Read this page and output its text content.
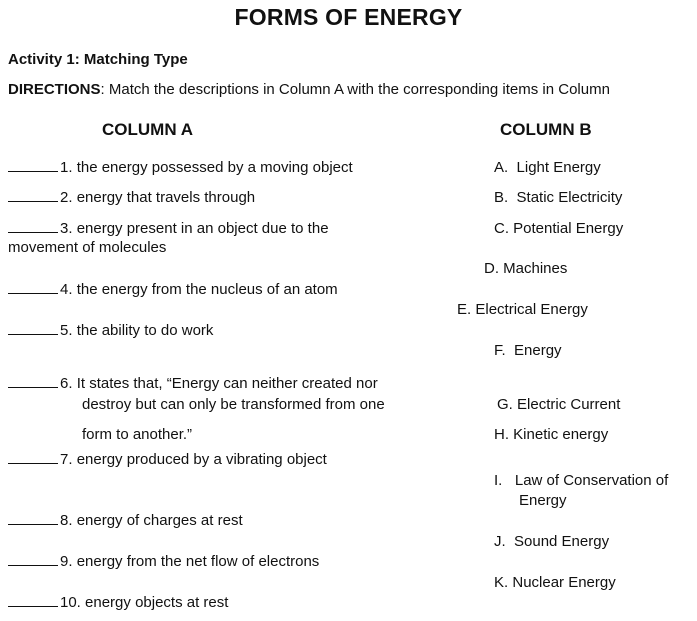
FORMS OF ENERGY
Activity 1: Matching Type
DIRECTIONS: Match the descriptions in Column A with the corresponding items in Column
COLUMN A	COLUMN B
1. the energy possessed by a moving object
2. energy that travels through
3. energy present in an object due to the
movement of molecules
4. the energy from the nucleus of an atom
5. the ability to do work
6. It states that, “Energy can neither created nor
destroy but can only be transformed from one
form to another.”
7. energy produced by a vibrating object
8. energy of charges at rest
9. energy from the net flow of electrons
10. energy objects at rest
A. Light Energy
B. Static Electricity
C. Potential Energy
D. Machines
E. Electrical Energy
F. Energy
G. Electric Current
H. Kinetic energy
I. Law of Conservation of
Energy
J. Sound Energy
K. Nuclear Energy
